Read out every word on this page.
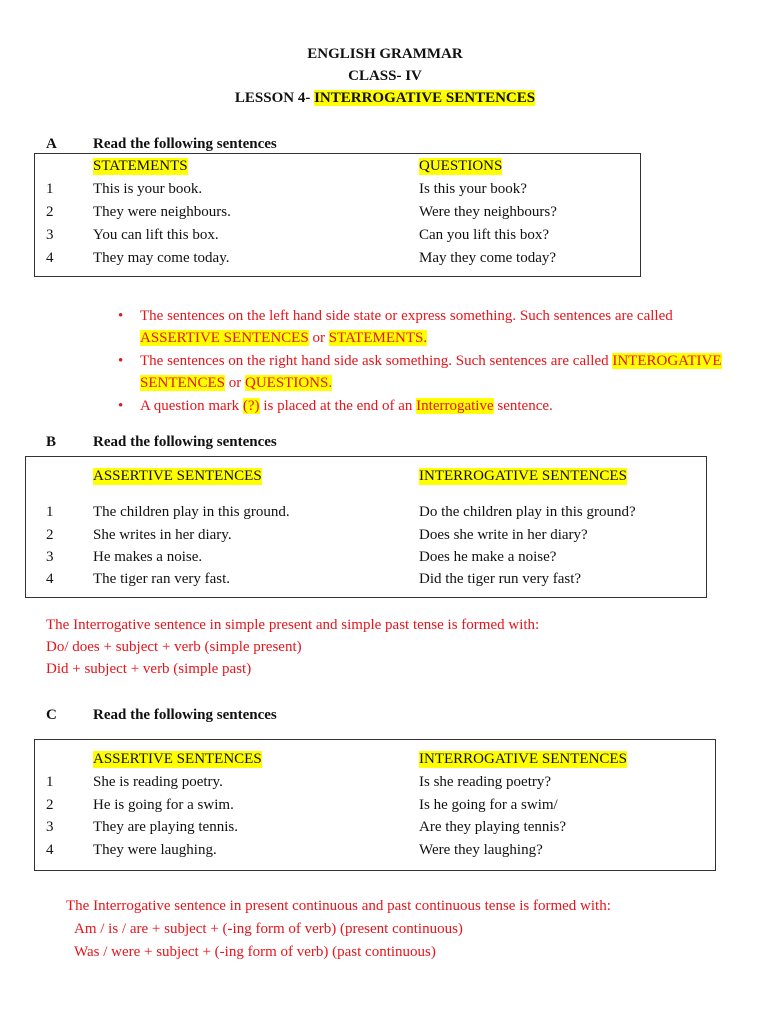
ENGLISH GRAMMAR
CLASS- IV
LESSON 4- INTERROGATIVE SENTENCES
A Read the following sentences
STATEMENTS	QUESTIONS
1	This is your book.	Is this your book?
2	They were neighbours.	Were they neighbours?
3	You can lift this box.	Can you lift this box?
4	They may come today.	May they come today?
• The sentences on the left hand side state or express something. Such sentences are called ASSERTIVE SENTENCES or STATEMENTS.
• The sentences on the right hand side ask something. Such sentences are called INTEROGATIVE SENTENCES or QUESTIONS.
• A question mark (?) is placed at the end of an Interrogative sentence.
B Read the following sentences
ASSERTIVE SENTENCES	INTERROGATIVE SENTENCES
1	The children play in this ground.	Do the children play in this ground?
2	She writes in her diary.	Does she write in her diary?
3	He makes a noise.	Does he make a noise?
4	The tiger ran very fast.	Did the tiger run very fast?
The Interrogative sentence in simple present and simple past tense is formed with:
Do/ does + subject + verb (simple present)
Did + subject + verb (simple past)
C Read the following sentences
ASSERTIVE SENTENCES	INTERROGATIVE SENTENCES
1	She is reading poetry.	Is she reading poetry?
2	He is going for a swim.	Is he going for a swim/
3	They are playing tennis.	Are they playing tennis?
4	They were laughing.	Were they laughing?
The Interrogative sentence in present continuous and past continuous tense is formed with:
Am / is / are + subject + (-ing form of verb) (present continuous)
Was / were + subject + (-ing form of verb) (past continuous)
